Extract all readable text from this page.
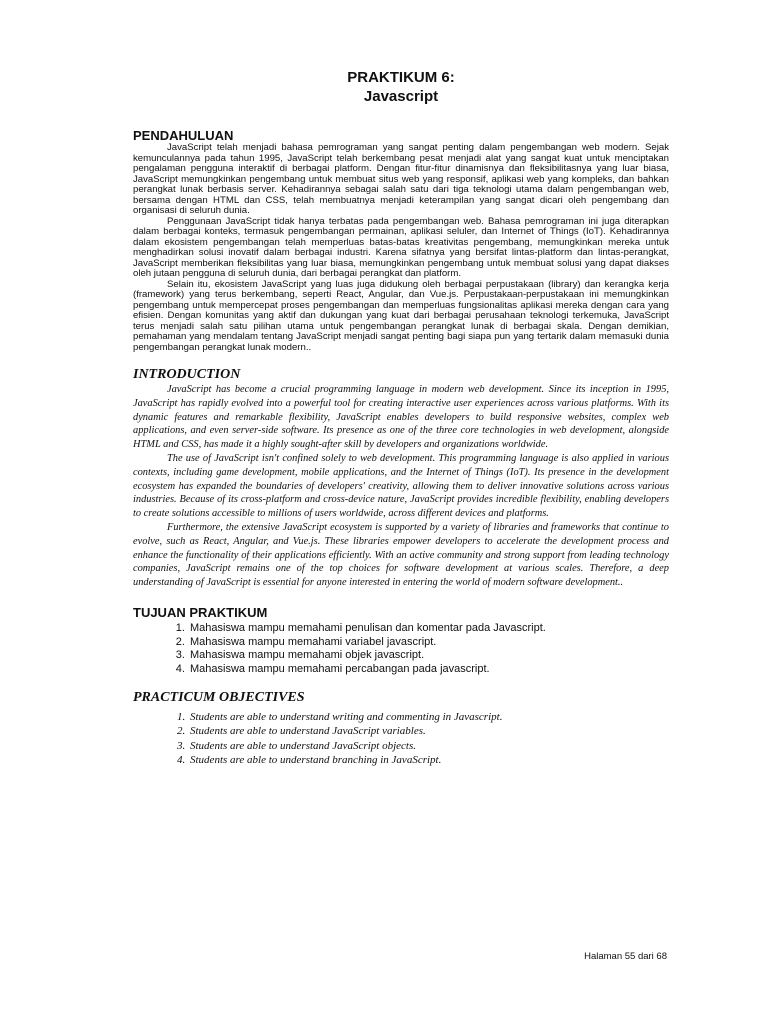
PRAKTIKUM 6:

Javascript

PENDAHULUAN

JavaScript telah menjadi bahasa pemrograman yang sangat penting dalam pengembangan web modern. Sejak kemunculannya pada tahun 1995, JavaScript telah berkembang pesat menjadi alat yang sangat kuat untuk menciptakan pengalaman pengguna interaktif di berbagai platform. Dengan fitur-fitur dinamisnya dan fleksibilitasnya yang luar biasa, JavaScript memungkinkan pengembang untuk membuat situs web yang responsif, aplikasi web yang kompleks, dan bahkan perangkat lunak berbasis server. Kehadirannya sebagai salah satu dari tiga teknologi utama dalam pengembangan web, bersama dengan HTML dan CSS, telah membuatnya menjadi keterampilan yang sangat dicari oleh pengembang dan organisasi di seluruh dunia.

Penggunaan JavaScript tidak hanya terbatas pada pengembangan web. Bahasa pemrograman ini juga diterapkan dalam berbagai konteks, termasuk pengembangan permainan, aplikasi seluler, dan Internet of Things (IoT). Kehadirannya dalam ekosistem pengembangan telah memperluas batas-batas kreativitas pengembang, memungkinkan mereka untuk menghadirkan solusi inovatif dalam berbagai industri. Karena sifatnya yang bersifat lintas-platform dan lintas-perangkat, JavaScript memberikan fleksibilitas yang luar biasa, memungkinkan pengembang untuk membuat solusi yang dapat diakses oleh jutaan pengguna di seluruh dunia, dari berbagai perangkat dan platform.

Selain itu, ekosistem JavaScript yang luas juga didukung oleh berbagai perpustakaan (library) dan kerangka kerja (framework) yang terus berkembang, seperti React, Angular, dan Vue.js. Perpustakaan-perpustakaan ini memungkinkan pengembang untuk mempercepat proses pengembangan dan memperluas fungsionalitas aplikasi mereka dengan cara yang efisien. Dengan komunitas yang aktif dan dukungan yang kuat dari berbagai perusahaan teknologi terkemuka, JavaScript terus menjadi salah satu pilihan utama untuk pengembangan perangkat lunak di berbagai skala. Dengan demikian, pemahaman yang mendalam tentang JavaScript menjadi sangat penting bagi siapa pun yang tertarik dalam memasuki dunia pengembangan perangkat lunak modern..

INTRODUCTION

JavaScript has become a crucial programming language in modern web development. Since its inception in 1995, JavaScript has rapidly evolved into a powerful tool for creating interactive user experiences across various platforms. With its dynamic features and remarkable flexibility, JavaScript enables developers to build responsive websites, complex web applications, and even server-side software. Its presence as one of the three core technologies in web development, alongside HTML and CSS, has made it a highly sought-after skill by developers and organizations worldwide.

The use of JavaScript isn't confined solely to web development. This programming language is also applied in various contexts, including game development, mobile applications, and the Internet of Things (IoT). Its presence in the development ecosystem has expanded the boundaries of developers' creativity, allowing them to deliver innovative solutions across various industries. Because of its cross-platform and cross-device nature, JavaScript provides incredible flexibility, enabling developers to create solutions accessible to millions of users worldwide, across different devices and platforms.

Furthermore, the extensive JavaScript ecosystem is supported by a variety of libraries and frameworks that continue to evolve, such as React, Angular, and Vue.js. These libraries empower developers to accelerate the development process and enhance the functionality of their applications efficiently. With an active community and strong support from leading technology companies, JavaScript remains one of the top choices for software development at various scales. Therefore, a deep understanding of JavaScript is essential for anyone interested in entering the world of modern software development..

TUJUAN PRAKTIKUM
1. Mahasiswa mampu memahami penulisan dan komentar pada Javascript.
2. Mahasiswa mampu memahami variabel javascript.
3. Mahasiswa mampu memahami objek javascript.
4. Mahasiswa mampu memahami percabangan pada javascript.
PRACTICUM OBJECTIVES
1. Students are able to understand writing and commenting in Javascript.
2. Students are able to understand JavaScript variables.
3. Students are able to understand JavaScript objects.
4. Students are able to understand branching in JavaScript.
Halaman 55 dari 68
